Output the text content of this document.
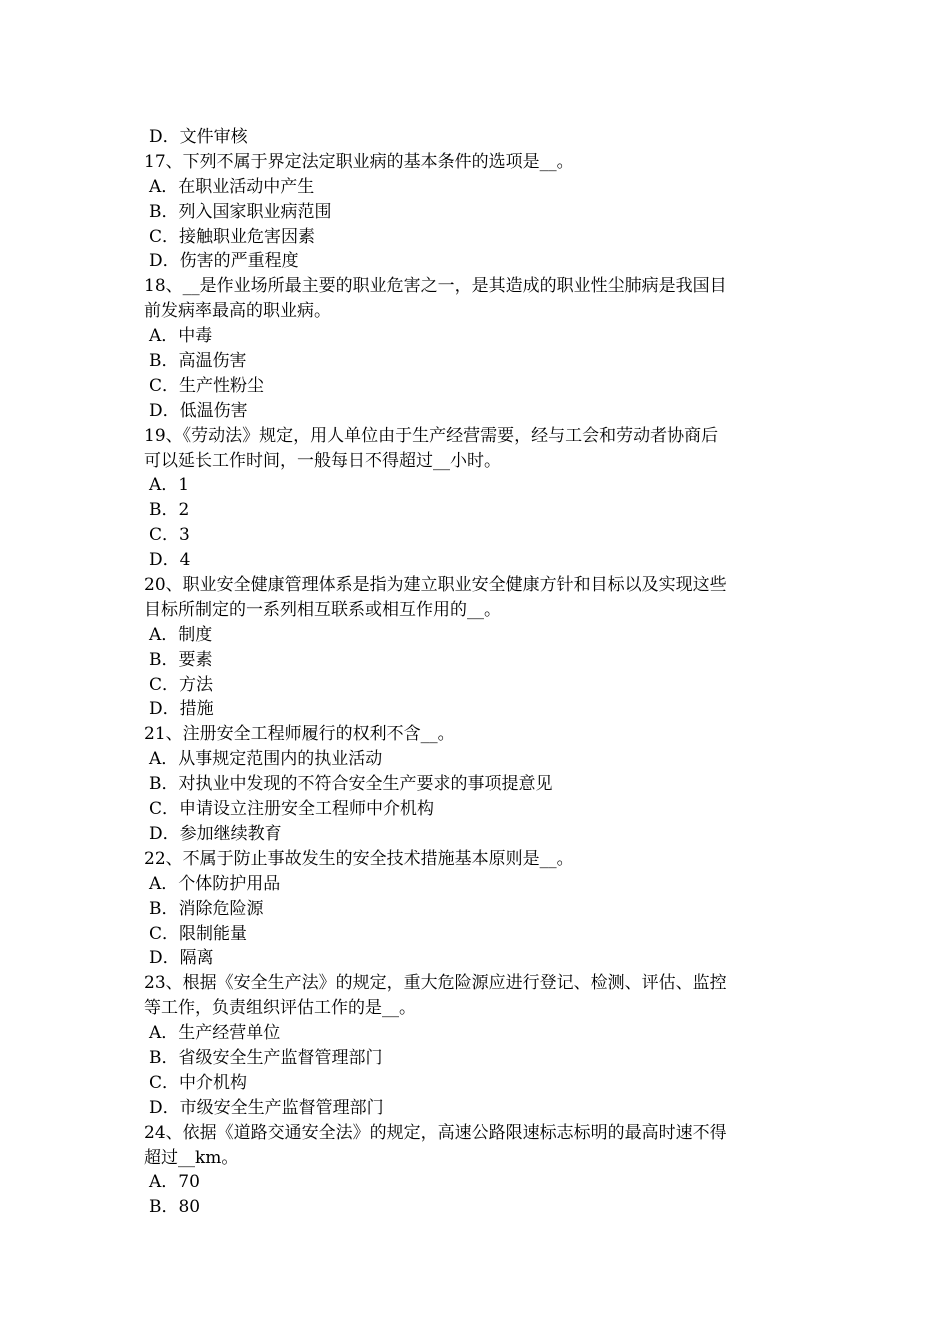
D．文件审核
17、下列不属于界定法定职业病的基本条件的选项是__。
A．在职业活动中产生
B．列入国家职业病范围
C．接触职业危害因素
D．伤害的严重程度
18、__是作业场所最主要的职业危害之一，是其造成的职业性尘肺病是我国目
前发病率最高的职业病。
A．中毒
B．高温伤害
C．生产性粉尘
D．低温伤害
19、《劳动法》规定，用人单位由于生产经营需要，经与工会和劳动者协商后
可以延长工作时间，一般每日不得超过__小时。
A．1
B．2
C．3
D．4
20、职业安全健康管理体系是指为建立职业安全健康方针和目标以及实现这些
目标所制定的一系列相互联系或相互作用的__。
A．制度
B．要素
C．方法
D．措施
21、注册安全工程师履行的权利不含__。
A．从事规定范围内的执业活动
B．对执业中发现的不符合安全生产要求的事项提意见
C．申请设立注册安全工程师中介机构
D．参加继续教育
22、不属于防止事故发生的安全技术措施基本原则是__。
A．个体防护用品
B．消除危险源
C．限制能量
D．隔离
23、根据《安全生产法》的规定，重大危险源应进行登记、检测、评估、监控
等工作，负责组织评估工作的是__。
A．生产经营单位
B．省级安全生产监督管理部门
C．中介机构
D．市级安全生产监督管理部门
24、依据《道路交通安全法》的规定，高速公路限速标志标明的最高时速不得
超过__km。
A．70
B．80
